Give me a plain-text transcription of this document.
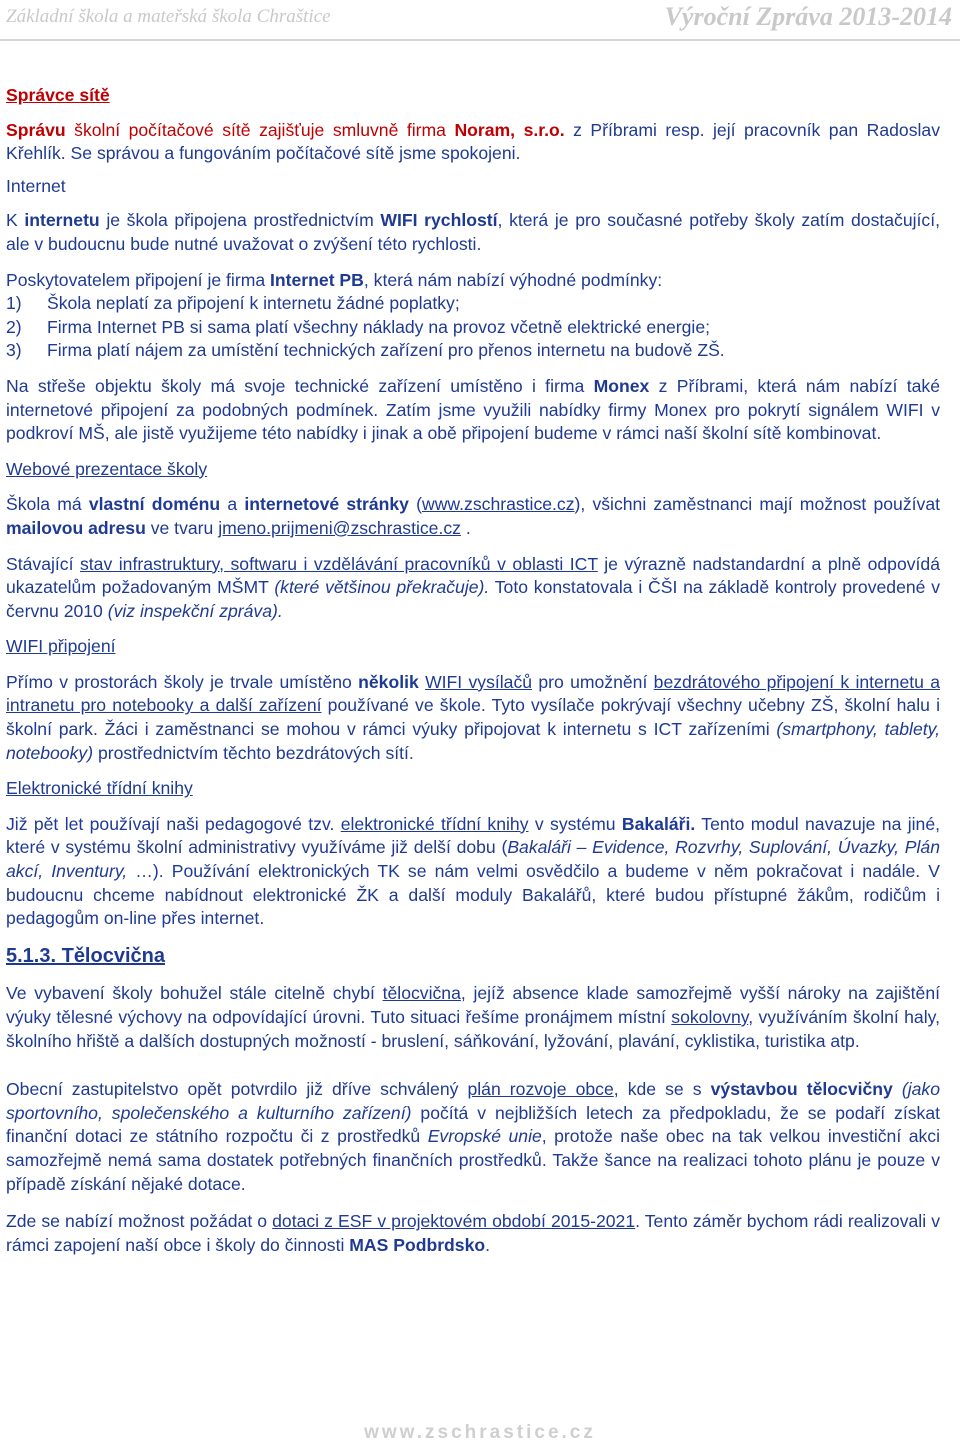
Základní škola a mateřská škola Chraštice	Výroční Zpráva 2013-2014

Správce sítě

Správu školní počítačové sítě zajišťuje smluvně firma Noram, s.r.o. z Příbrami resp. její pracovník pan Radoslav Křehlík. Se správou a fungováním počítačové sítě jsme spokojeni.

Internet

K internetu je škola připojena prostřednictvím WIFI rychlostí, která je pro současné potřeby školy zatím dostačující, ale v budoucnu bude nutné uvažovat o zvýšení této rychlosti.

Poskytovatelem připojení je firma Internet PB, která nám nabízí výhodné podmínky:

1)	Škola neplatí za připojení k internetu žádné poplatky;
2)	Firma Internet PB si sama platí všechny náklady na provoz včetně elektrické energie;
3)	Firma platí nájem za umístění technických zařízení pro přenos internetu na budově ZŠ.

Na střeše objektu školy má svoje technické zařízení umístěno i firma Monex z Příbrami, která nám nabízí také internetové připojení za podobných podmínek. Zatím jsme využili nabídky firmy Monex pro pokrytí signálem WIFI v podkroví MŠ, ale jistě využijeme této nabídky i jinak a obě připojení budeme v rámci naší školní sítě kombinovat.

Webové prezentace školy

Škola má vlastní doménu a internetové stránky (www.zschrastice.cz), všichni zaměstnanci mají možnost používat mailovou adresu ve tvaru jmeno.prijmeni@zschrastice.cz .

Stávající stav infrastruktury, softwaru i vzdělávání pracovníků v oblasti ICT je výrazně nadstandardní a plně odpovídá ukazatelům požadovaným MŠMT (které většinou překračuje). Toto konstatovala i ČŠI na základě kontroly provedené v červnu 2010 (viz inspekční zpráva).

WIFI připojení

Přímo v prostorách školy je trvale umístěno několik WIFI vysílačů pro umožnění bezdrátového připojení k internetu a intranetu pro notebooky a další zařízení používané ve škole. Tyto vysílače pokrývají všechny učebny ZŠ, školní halu i školní park. Žáci i zaměstnanci se mohou v rámci výuky připojovat k internetu s ICT zařízeními (smartphony, tablety, notebooky) prostřednictvím těchto bezdrátových sítí.

Elektronické třídní knihy

Již pět let používají naši pedagogové tzv. elektronické třídní knihy v systému Bakaláři. Tento modul navazuje na jiné, které v systému školní administrativy využíváme již delší dobu (Bakaláři – Evidence, Rozvrhy, Suplování, Úvazky, Plán akcí, Inventury, …). Používání elektronických TK se nám velmi osvědčilo a budeme v něm pokračovat i nadále. V budoucnu chceme nabídnout elektronické ŽK a další moduly Bakalářů, které budou přístupné žákům, rodičům i pedagogům on-line přes internet.

5.1.3. Tělocvična

Ve vybavení školy bohužel stále citelně chybí tělocvična, jejíž absence klade samozřejmě vyšší nároky na zajištění výuky tělesné výchovy na odpovídající úrovni. Tuto situaci řešíme pronájmem místní sokolovny, využíváním školní haly, školního hřiště a dalších dostupných možností - bruslení, sáňkování, lyžování, plavání, cyklistika, turistika atp.

Obecní zastupitelstvo opět potvrdilo již dříve schválený plán rozvoje obce, kde se s výstavbou tělocvičny (jako sportovního, společenského a kulturního zařízení) počítá v nejbližších letech za předpokladu, že se podaří získat finanční dotaci ze státního rozpočtu či z prostředků Evropské unie, protože naše obec na tak velkou investiční akci samozřejmě nemá sama dostatek potřebných finančních prostředků. Takže šance na realizaci tohoto plánu je pouze v případě získání nějaké dotace.

Zde se nabízí možnost požádat o dotaci z ESF v projektovém období 2015-2021. Tento záměr bychom rádi realizovali v rámci zapojení naší obce i školy do činnosti MAS Podbrdsko.

www.zschrastice.cz
